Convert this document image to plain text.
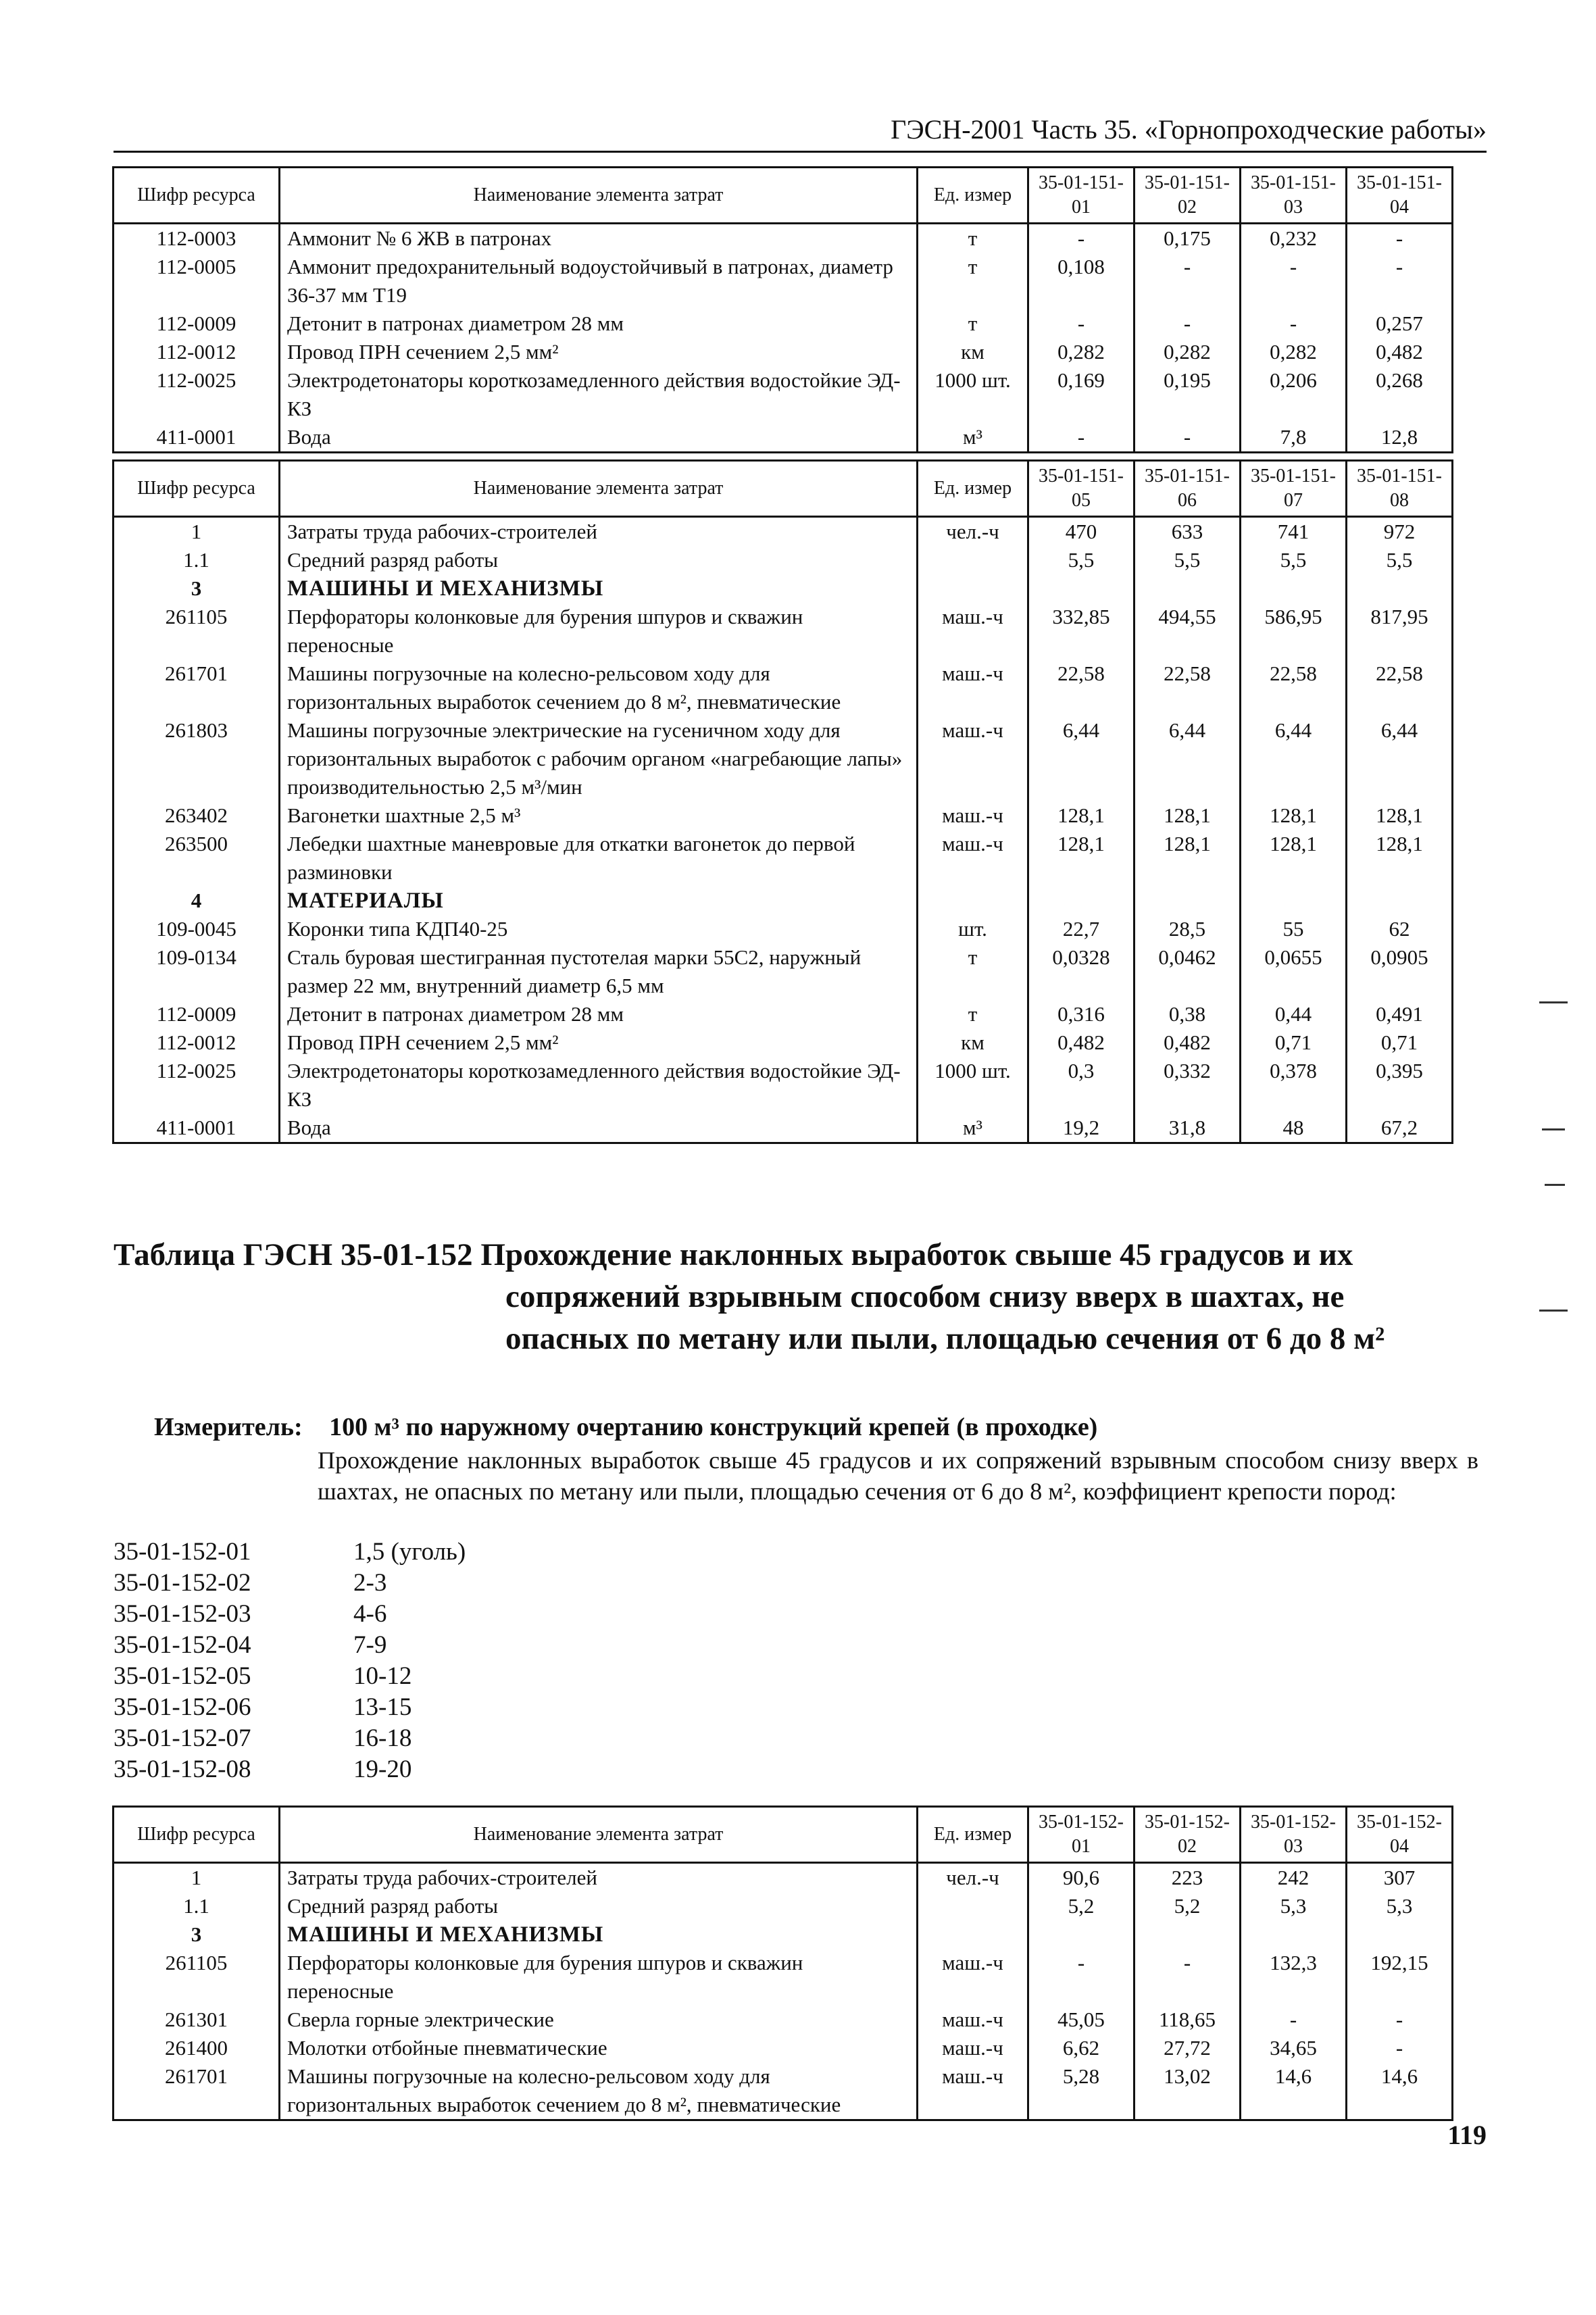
ГЭСН-2001 Часть 35. «Горнопроходческие работы»
Шифр ресурса	Наименование элемента затрат	Ед. измер	35-01-151-01	35-01-151-02	35-01-151-03	35-01-151-04
112-0003	Аммонит № 6 ЖВ в патронах	т	-	0,175	0,232	-
112-0005	Аммонит предохранительный водоустойчивый в патронах, диаметр 36-37 мм Т19	т	0,108	-	-	-
112-0009	Детонит в патронах диаметром 28 мм	т	-	-	-	0,257
112-0012	Провод ПРН сечением 2,5 мм²	км	0,282	0,282	0,282	0,482
112-0025	Электродетонаторы короткозамедленного действия водостойкие ЭД-КЗ	1000 шт.	0,169	0,195	0,206	0,268
411-0001	Вода	м³	-	-	7,8	12,8
Шифр ресурса	Наименование элемента затрат	Ед. измер	35-01-151-05	35-01-151-06	35-01-151-07	35-01-151-08
1	Затраты труда рабочих-строителей	чел.-ч	470	633	741	972
1.1	Средний разряд работы		5,5	5,5	5,5	5,5
3	МАШИНЫ И МЕХАНИЗМЫ					
261105	Перфораторы колонковые для бурения шпуров и скважин переносные	маш.-ч	332,85	494,55	586,95	817,95
261701	Машины погрузочные на колесно-рельсовом ходу для горизонтальных выработок сечением до 8 м², пневматические	маш.-ч	22,58	22,58	22,58	22,58
261803	Машины погрузочные электрические на гусеничном ходу для горизонтальных выработок с рабочим органом «нагребающие лапы» производительностью 2,5 м³/мин	маш.-ч	6,44	6,44	6,44	6,44
263402	Вагонетки шахтные 2,5 м³	маш.-ч	128,1	128,1	128,1	128,1
263500	Лебедки шахтные маневровые для откатки вагонеток до первой разминовки	маш.-ч	128,1	128,1	128,1	128,1
4	МАТЕРИАЛЫ					
109-0045	Коронки типа КДП40-25	шт.	22,7	28,5	55	62
109-0134	Сталь буровая шестигранная пустотелая марки 55С2, наружный размер 22 мм, внутренний диаметр 6,5 мм	т	0,0328	0,0462	0,0655	0,0905
112-0009	Детонит в патронах диаметром 28 мм	т	0,316	0,38	0,44	0,491
112-0012	Провод ПРН сечением 2,5 мм²	км	0,482	0,482	0,71	0,71
112-0025	Электродетонаторы короткозамедленного действия водостойкие ЭД-КЗ	1000 шт.	0,3	0,332	0,378	0,395
411-0001	Вода	м³	19,2	31,8	48	67,2
Таблица ГЭСН 35-01-152 Прохождение наклонных выработок свыше 45 градусов и их
сопряжений взрывным способом снизу вверх в шахтах, не
опасных по метану или пыли, площадью сечения от 6 до 8 м²
Измеритель: 100 м³ по наружному очертанию конструкций крепей (в проходке)
Прохождение наклонных выработок свыше 45 градусов и их сопряжений взрывным способом снизу вверх в шахтах, не опасных по метану или пыли, площадью сечения от 6 до 8 м², коэффициент крепости пород:
35-01-152-01	1,5 (уголь)
35-01-152-02	2-3
35-01-152-03	4-6
35-01-152-04	7-9
35-01-152-05	10-12
35-01-152-06	13-15
35-01-152-07	16-18
35-01-152-08	19-20
Шифр ресурса	Наименование элемента затрат	Ед. измер	35-01-152-01	35-01-152-02	35-01-152-03	35-01-152-04
1	Затраты труда рабочих-строителей	чел.-ч	90,6	223	242	307
1.1	Средний разряд работы		5,2	5,2	5,3	5,3
3	МАШИНЫ И МЕХАНИЗМЫ					
261105	Перфораторы колонковые для бурения шпуров и скважин переносные	маш.-ч	-	-	132,3	192,15
261301	Сверла горные электрические	маш.-ч	45,05	118,65	-	-
261400	Молотки отбойные пневматические	маш.-ч	6,62	27,72	34,65	-
261701	Машины погрузочные на колесно-рельсовом ходу для горизонтальных выработок сечением до 8 м², пневматические	маш.-ч	5,28	13,02	14,6	14,6
119
